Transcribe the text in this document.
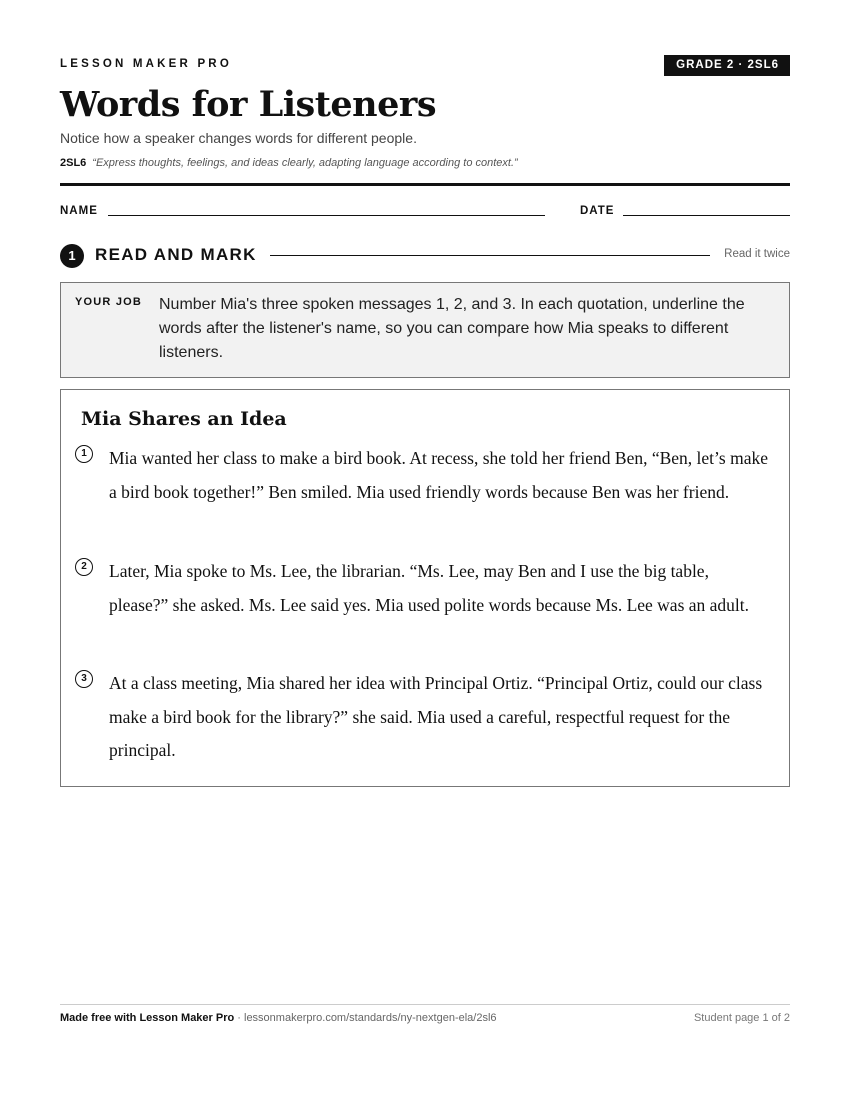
LESSON MAKER PRO	GRADE 2 · 2SL6
Words for Listeners
Notice how a speaker changes words for different people.
2SL6 “Express thoughts, feelings, and ideas clearly, adapting language according to context.”
NAME	DATE
1	READ AND MARK	Read it twice
YOUR JOB Number Mia's three spoken messages 1, 2, and 3. In each quotation, underline the words after the listener's name, so you can compare how Mia speaks to different listeners.
Mia Shares an Idea
1	Mia wanted her class to make a bird book. At recess, she told her friend Ben, “Ben, let’s make a bird book together!” Ben smiled. Mia used friendly words because Ben was her friend.

2	Later, Mia spoke to Ms. Lee, the librarian. “Ms. Lee, may Ben and I use the big table, please?” she asked. Ms. Lee said yes. Mia used polite words because Ms. Lee was an adult.

3	At a class meeting, Mia shared her idea with Principal Ortiz. “Principal Ortiz, could our class make a bird book for the library?” she said. Mia used a careful, respectful request for the principal.

Made free with Lesson Maker Pro · lessonmakerpro.com/standards/ny-nextgen-ela/2sl6	Student page 1 of 2
